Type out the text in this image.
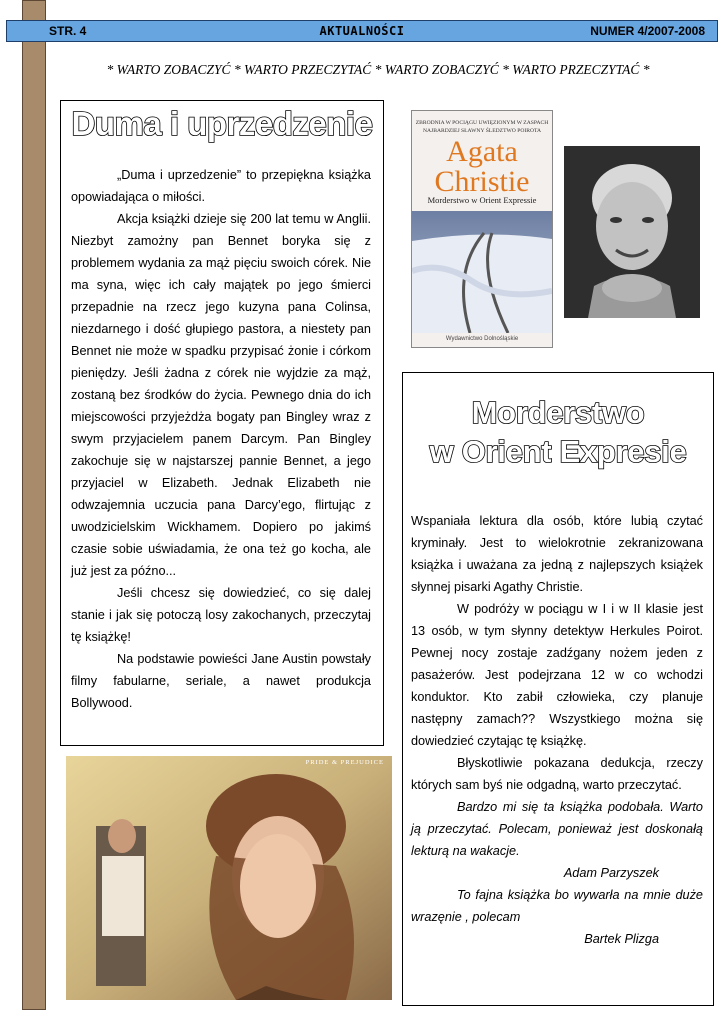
STR. 4	AKTUALNOŚCI	NUMER 4/2007-2008
* WARTO ZOBACZYĆ * WARTO PRZECZYTAĆ * WARTO ZOBACZYĆ * WARTO PRZECZYTAĆ *
Duma i uprzedzenie

„Duma i uprzedzenie” to przepiękna książka opowiadająca o miłości.

Akcja książki dzieje się 200 lat temu w Anglii. Niezbyt zamożny pan Bennet boryka się z problemem wydania za mąż pięciu swoich córek. Nie ma syna, więc ich cały majątek po jego śmierci przepadnie na rzecz jego kuzyna pana Colinsa, niezdarnego i dość głupiego pastora, a niestety pan Bennet nie może w spadku przypisać żonie i córkom pieniędzy. Jeśli żadna z córek nie wyjdzie za mąż, zostaną bez środków do życia. Pewnego dnia do ich miejscowości przyjeżdża bogaty pan Bingley wraz z swym przyjacielem panem Darcym. Pan Bingley zakochuje się w najstarszej pannie Bennet, a jego przyjaciel w Elizabeth. Jednak Elizabeth nie odwzajemnia uczucia pana Darcy’ego, flirtując z uwodzicielskim Wickhamem. Dopiero po jakimś czasie sobie uświadamia, że ona też go kocha, ale już jest za późno...

Jeśli chcesz się dowiedzieć, co się dalej stanie i jak się potoczą losy zakochanych, przeczytaj tę książkę!

Na podstawie powieści Jane Austin powstały filmy fabularne, seriale, a nawet produkcja Bollywood.

ZBRODNIA W POCIĄGU UWIĘZIONYM W ZASPACH
NAJBARDZIEJ SŁAWNY ŚLEDZTWO POIROTA
Agata
Christie
Morderstwo w Orient Expressie
Wydawnictwo Dolnośląskie
PRIDE & PREJUDICE
Morderstwo
w Orient Expresie

Wspaniała lektura dla osób, które lubią czytać kryminały. Jest to wielokrotnie zekranizowana książka i uważana za jedną z najlepszych książek słynnej pisarki Agathy Christie.

W podróży w pociągu w I i w II klasie jest 13 osób, w tym słynny detektyw Herkules Poirot. Pewnej nocy zostaje zadźgany nożem jeden z pasażerów. Jest podejrzana 12 w co wchodzi konduktor. Kto zabił człowieka, czy planuje następny zamach?? Wszystkiego można się dowiedzieć czytając tę książkę.

Błyskotliwie pokazana dedukcja, rzeczy których sam byś nie odgadną, warto przeczytać.

Bardzo mi się ta książka podobała. Warto ją przeczytać. Polecam, ponieważ jest doskonałą lekturą na wakacje.

Adam Parzyszek

To fajna książka bo wywarła na mnie duże wrazęnie , polecam

Bartek Plizga
